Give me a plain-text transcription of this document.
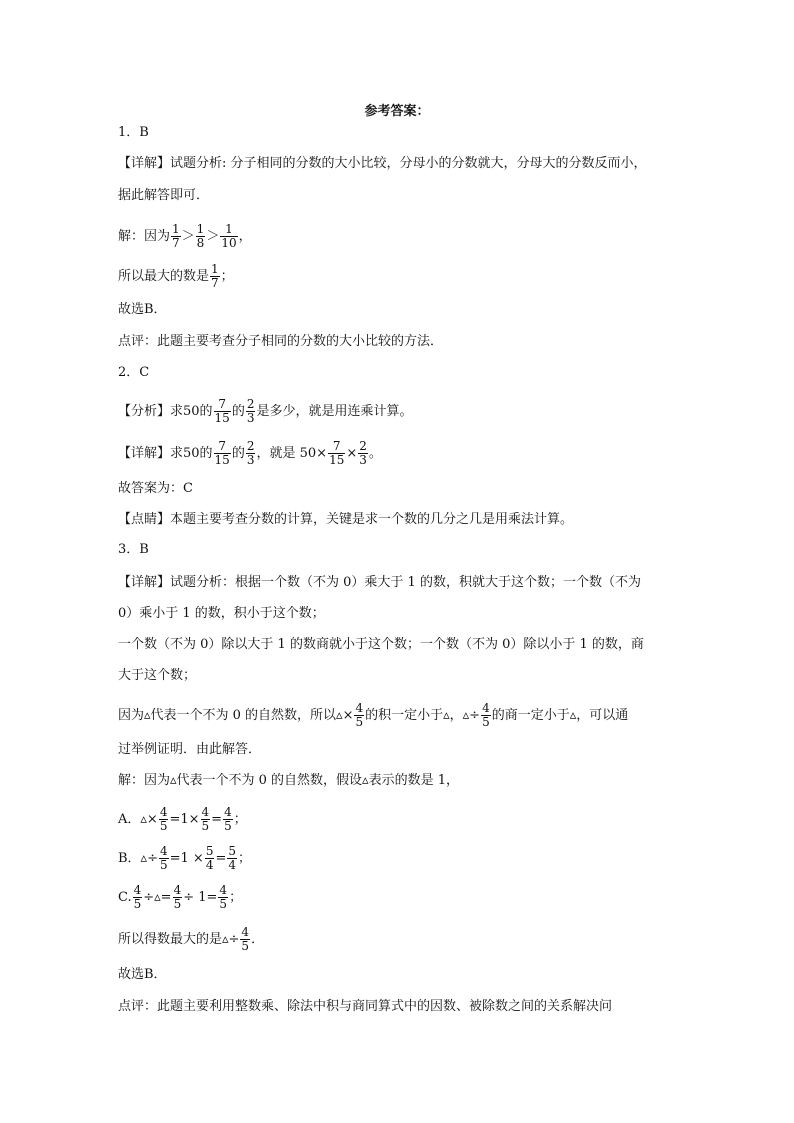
参考答案：
1．B
【详解】试题分析: 分子相同的分数的大小比较，分母小的分数就大，分母大的分数反而小，
据此解答即可．
解：因为 $\frac{1}{7} > \frac{1}{8} > \frac{1}{10}$ ，
所以最大的数是 $\frac{1}{7}$ ；
故选B．
点评：此题主要考查分子相同的分数的大小比较的方法．
2．C
【分析】求50的 $\frac{7}{15}$ 的 $\frac{2}{3}$ 是多少，就是用连乘计算。
【详解】求50的 $\frac{7}{15}$ 的 $\frac{2}{3}$ ，就是 $50\times \frac{7}{15} \times \frac{2}{3}$ 。
故答案为：C
【点睛】本题主要考查分数的计算，关键是求一个数的几分之几是用乘法计算。
3．B
【详解】试题分析：根据一个数（不为 0）乘大于 1 的数，积就大于这个数；一个数（不为
0）乘小于 1 的数，积小于这个数；
一个数（不为 0）除以大于 1 的数商就小于这个数；一个数（不为 0）除以小于 1 的数，商
大于这个数；
因为▵代表一个不为 0 的自然数，所以▵× $\frac{4}{5}$ 的积一定小于▵，▵÷ $\frac{4}{5}$ 的商一定小于▵，可以通
过举例证明．由此解答．
解：因为▵代表一个不为 0 的自然数，假设▵表示的数是 1，
A．▵× $\frac{4}{5} =1\times \frac{4}{5} = \frac{4}{5}$ ；
B．▵÷ $\frac{4}{5} =1 \times \frac{5}{4} = \frac{5}{4}$ ；
C. $\frac{4}{5}$ ÷▵= $\frac{4}{5} \div 1= \frac{4}{5}$ ；
所以得数最大的是▵÷ $\frac{4}{5}$ ．
故选B．
点评：此题主要利用整数乘、除法中积与商同算式中的因数、被除数之间的关系解决问
